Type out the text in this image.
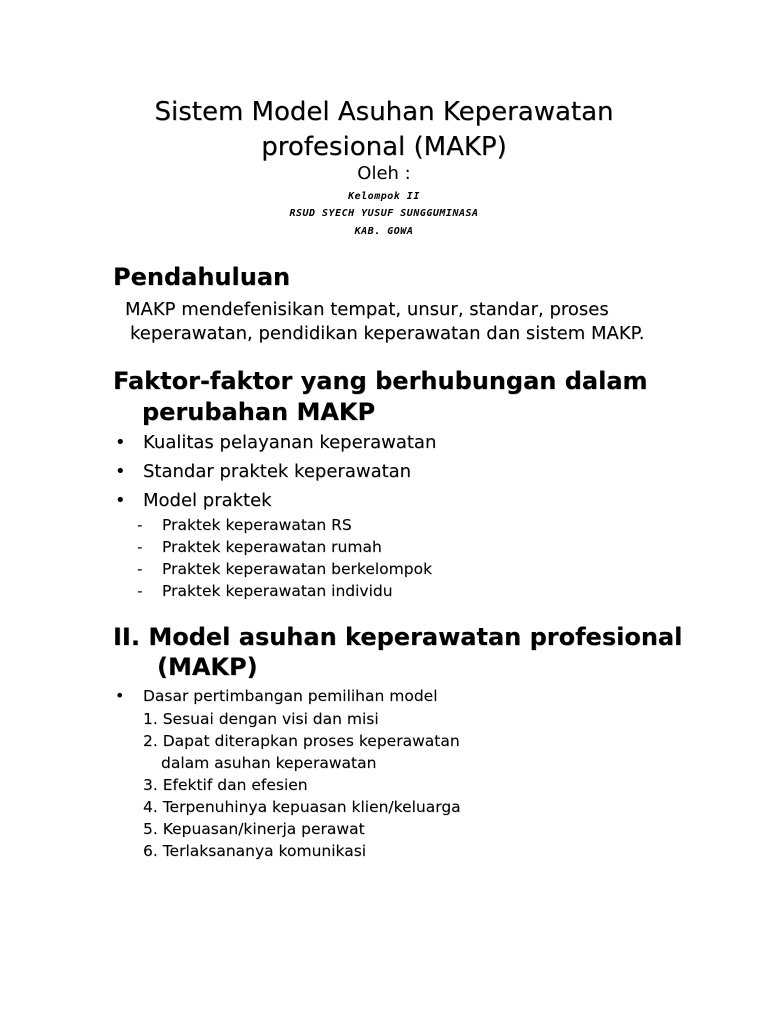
Sistem Model Asuhan Keperawatan
profesional (MAKP)
Oleh :
Kelompok II
RSUD SYECH YUSUF SUNGGUMINASA
KAB. GOWA
Pendahuluan
MAKP mendefenisikan tempat, unsur, standar, proses
keperawatan, pendidikan keperawatan dan sistem MAKP.
Faktor-faktor yang berhubungan dalam
perubahan MAKP
• Kualitas pelayanan keperawatan
• Standar praktek keperawatan
• Model praktek
- Praktek keperawatan RS
- Praktek keperawatan rumah
- Praktek keperawatan berkelompok
- Praktek keperawatan individu
II. Model asuhan keperawatan profesional
(MAKP)
• Dasar pertimbangan pemilihan model
1. Sesuai dengan visi dan misi
2. Dapat diterapkan proses keperawatan
dalam asuhan keperawatan
3. Efektif dan efesien
4. Terpenuhinya kepuasan klien/keluarga
5. Kepuasan/kinerja perawat
6. Terlaksananya komunikasi
